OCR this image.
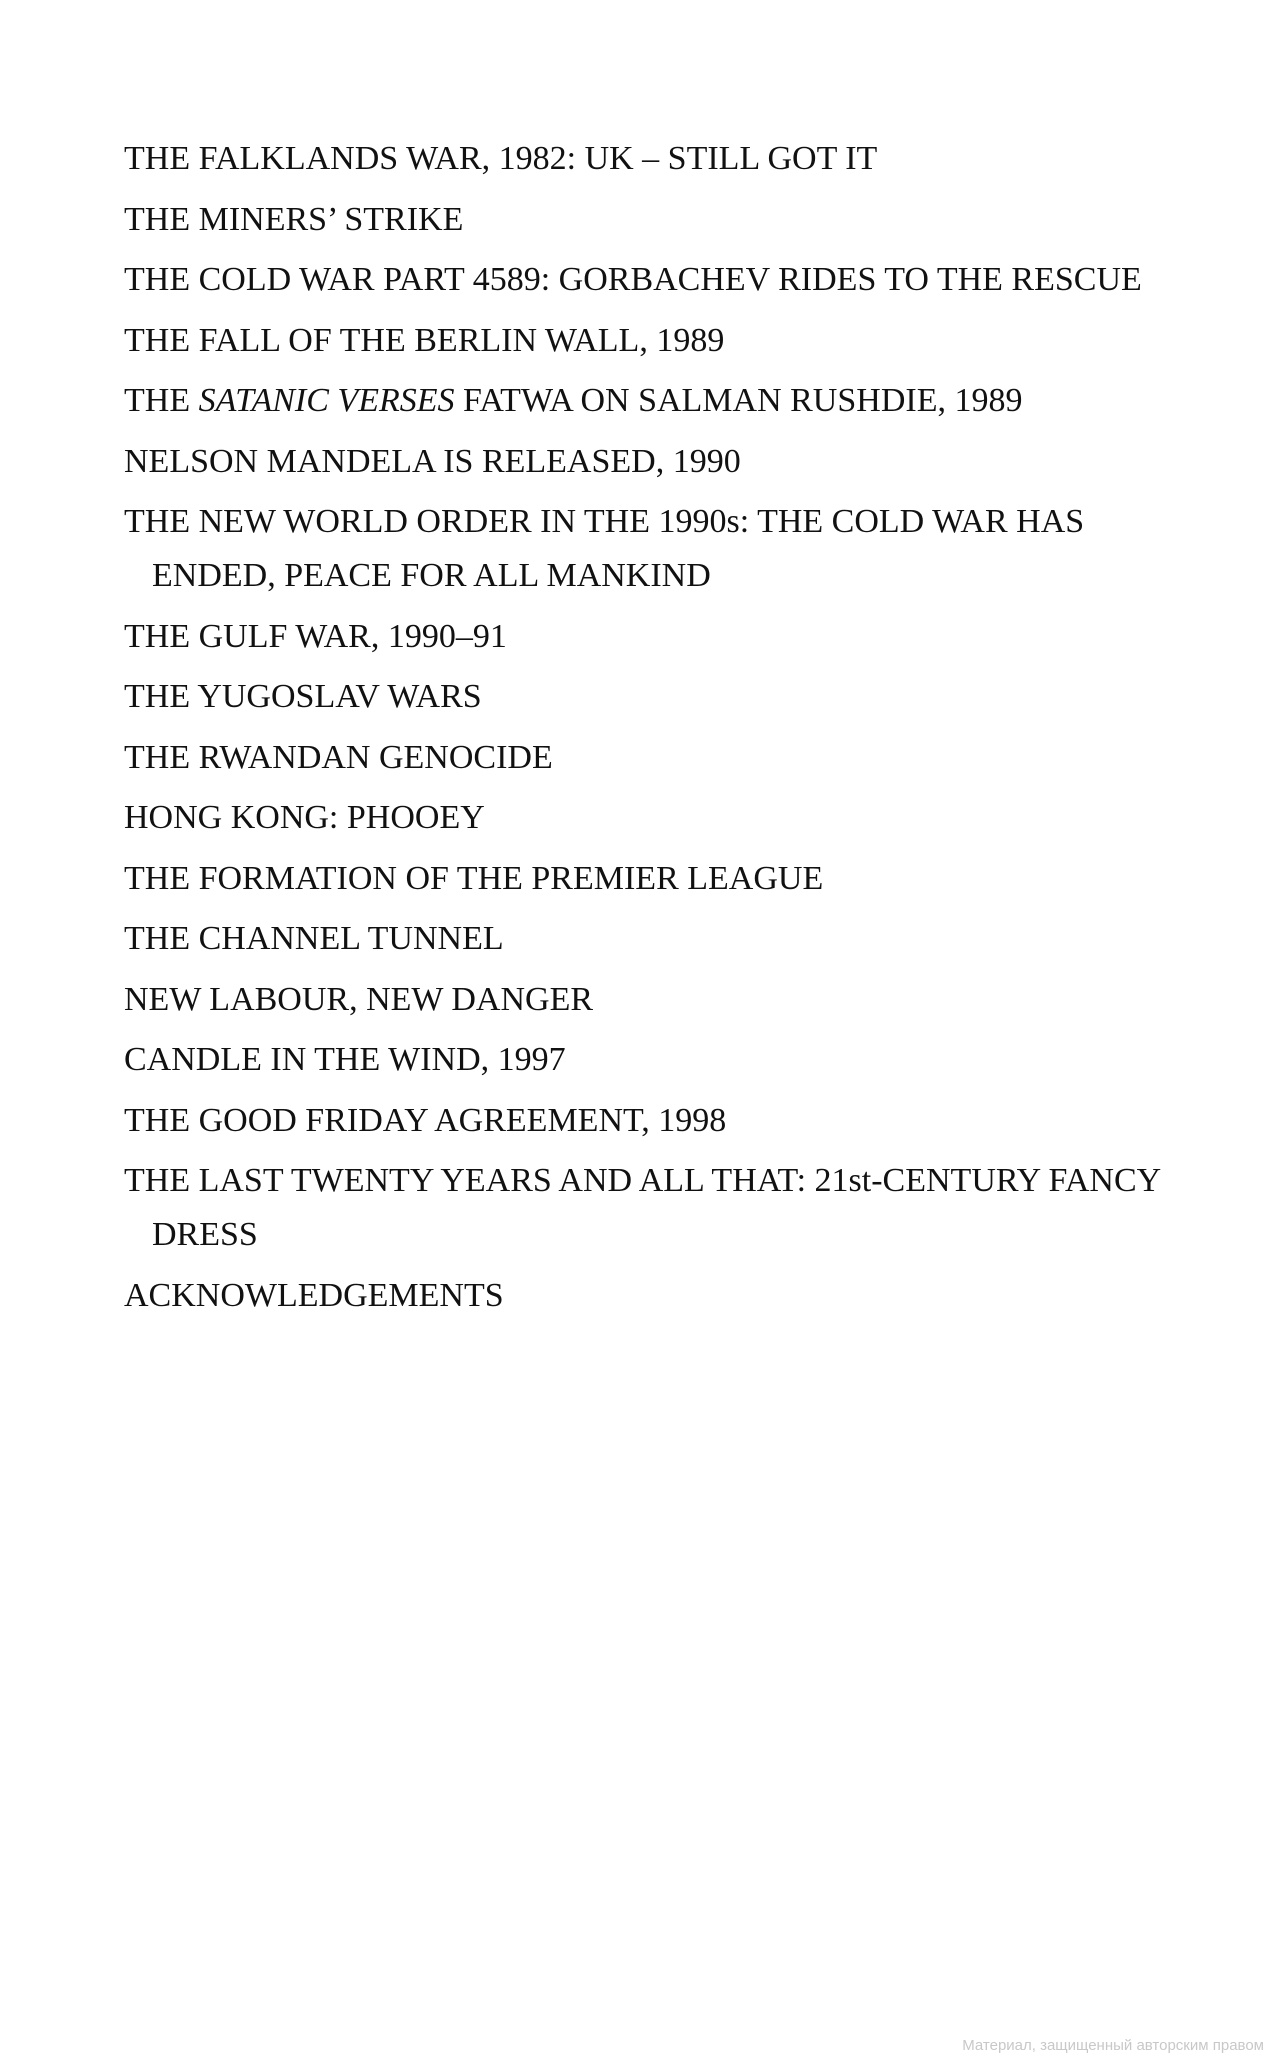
THE FALKLANDS WAR, 1982: UK – STILL GOT IT
THE MINERS’ STRIKE
THE COLD WAR PART 4589: GORBACHEV RIDES TO THE RESCUE
THE FALL OF THE BERLIN WALL, 1989
THE SATANIC VERSES FATWA ON SALMAN RUSHDIE, 1989
NELSON MANDELA IS RELEASED, 1990
THE NEW WORLD ORDER IN THE 1990s: THE COLD WAR HAS ENDED, PEACE FOR ALL MANKIND
THE GULF WAR, 1990–91
THE YUGOSLAV WARS
THE RWANDAN GENOCIDE
HONG KONG: PHOOEY
THE FORMATION OF THE PREMIER LEAGUE
THE CHANNEL TUNNEL
NEW LABOUR, NEW DANGER
CANDLE IN THE WIND, 1997
THE GOOD FRIDAY AGREEMENT, 1998
THE LAST TWENTY YEARS AND ALL THAT: 21st-CENTURY FANCY DRESS
ACKNOWLEDGEMENTS
Материал, защищенный авторским правом
